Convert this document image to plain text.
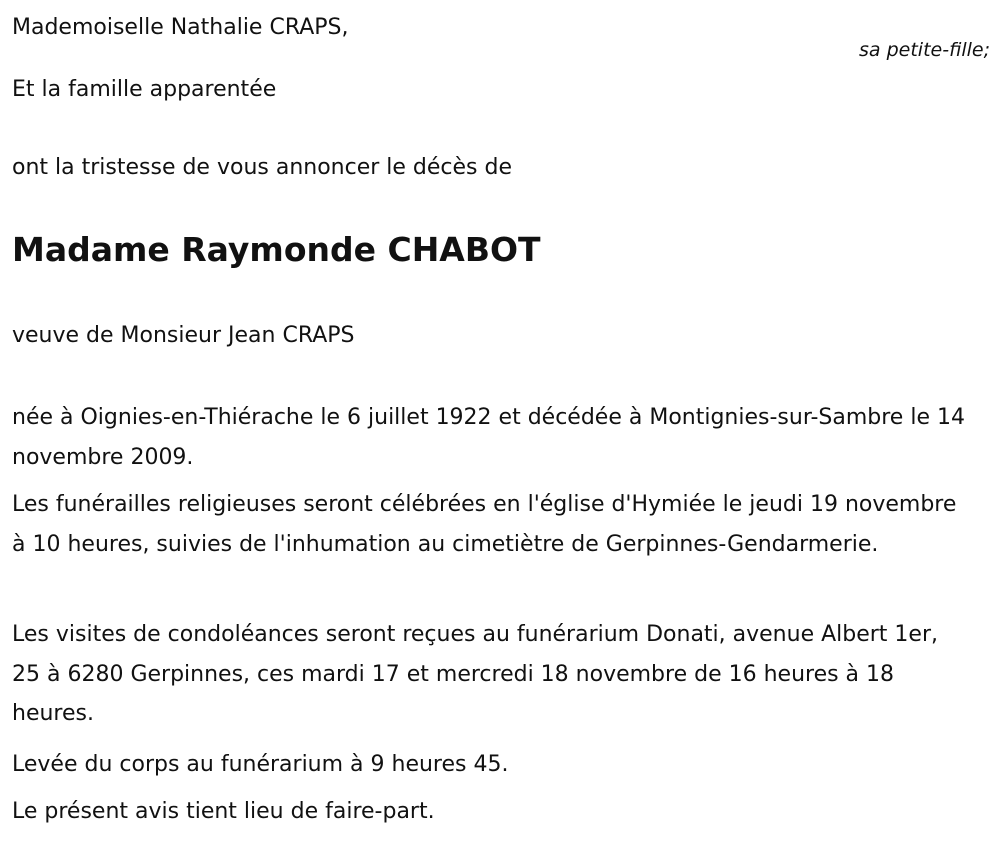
Mademoiselle Nathalie CRAPS,
sa petite-fille;
Et la famille apparentée
ont la tristesse de vous annoncer le décès de
Madame Raymonde CHABOT
veuve de Monsieur Jean CRAPS
née à Oignies-en-Thiérache le 6 juillet 1922 et décédée à Montignies-sur-Sambre le 14 novembre 2009.
Les funérailles religieuses seront célébrées en l'église d'Hymiée le jeudi 19 novembre à 10 heures, suivies de l'inhumation au cimetiètre de Gerpinnes-Gendarmerie.
Les visites de condoléances seront reçues au funérarium Donati, avenue Albert 1er, 25 à 6280 Gerpinnes, ces mardi 17 et mercredi 18 novembre de 16 heures à 18 heures.
Levée du corps au funérarium à 9 heures 45.
Le présent avis tient lieu de faire-part.
